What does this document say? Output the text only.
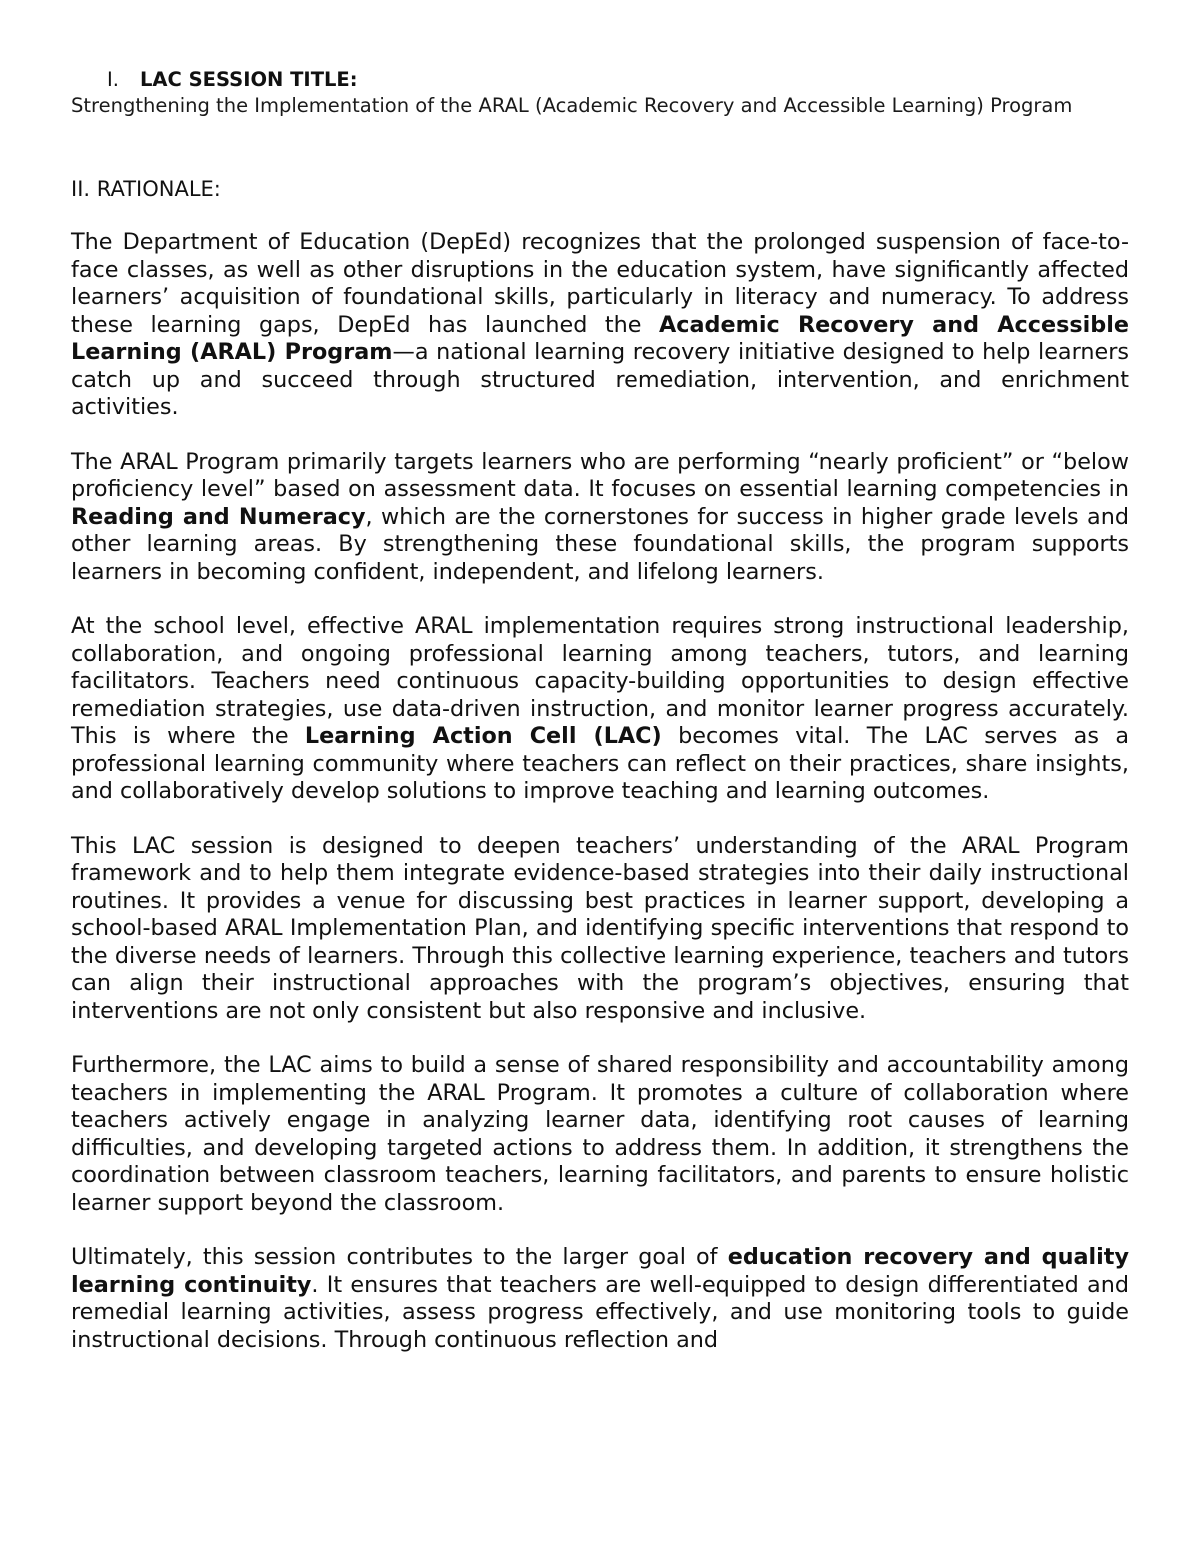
I.	LAC SESSION TITLE:

Strengthening the Implementation of the ARAL (Academic Recovery and Accessible Learning) Program

II. RATIONALE:

The Department of Education (DepEd) recognizes that the prolonged suspension of face-to-face classes, as well as other disruptions in the education system, have significantly affected learners’ acquisition of foundational skills, particularly in literacy and numeracy. To address these learning gaps, DepEd has launched the Academic Recovery and Accessible Learning (ARAL) Program—a national learning recovery initiative designed to help learners catch up and succeed through structured remediation, intervention, and enrichment activities.

The ARAL Program primarily targets learners who are performing “nearly proficient” or “below proficiency level” based on assessment data. It focuses on essential learning competencies in Reading and Numeracy, which are the cornerstones for success in higher grade levels and other learning areas. By strengthening these foundational skills, the program supports learners in becoming confident, independent, and lifelong learners.

At the school level, effective ARAL implementation requires strong instructional leadership, collaboration, and ongoing professional learning among teachers, tutors, and learning facilitators. Teachers need continuous capacity-building opportunities to design effective remediation strategies, use data-driven instruction, and monitor learner progress accurately. This is where the Learning Action Cell (LAC) becomes vital. The LAC serves as a professional learning community where teachers can reflect on their practices, share insights, and collaboratively develop solutions to improve teaching and learning outcomes.

This LAC session is designed to deepen teachers’ understanding of the ARAL Program framework and to help them integrate evidence-based strategies into their daily instructional routines. It provides a venue for discussing best practices in learner support, developing a school-based ARAL Implementation Plan, and identifying specific interventions that respond to the diverse needs of learners. Through this collective learning experience, teachers and tutors can align their instructional approaches with the program’s objectives, ensuring that interventions are not only consistent but also responsive and inclusive.

Furthermore, the LAC aims to build a sense of shared responsibility and accountability among teachers in implementing the ARAL Program. It promotes a culture of collaboration where teachers actively engage in analyzing learner data, identifying root causes of learning difficulties, and developing targeted actions to address them. In addition, it strengthens the coordination between classroom teachers, learning facilitators, and parents to ensure holistic learner support beyond the classroom.

Ultimately, this session contributes to the larger goal of education recovery and quality learning continuity. It ensures that teachers are well-equipped to design differentiated and remedial learning activities, assess progress effectively, and use monitoring tools to guide instructional decisions. Through continuous reflection and
